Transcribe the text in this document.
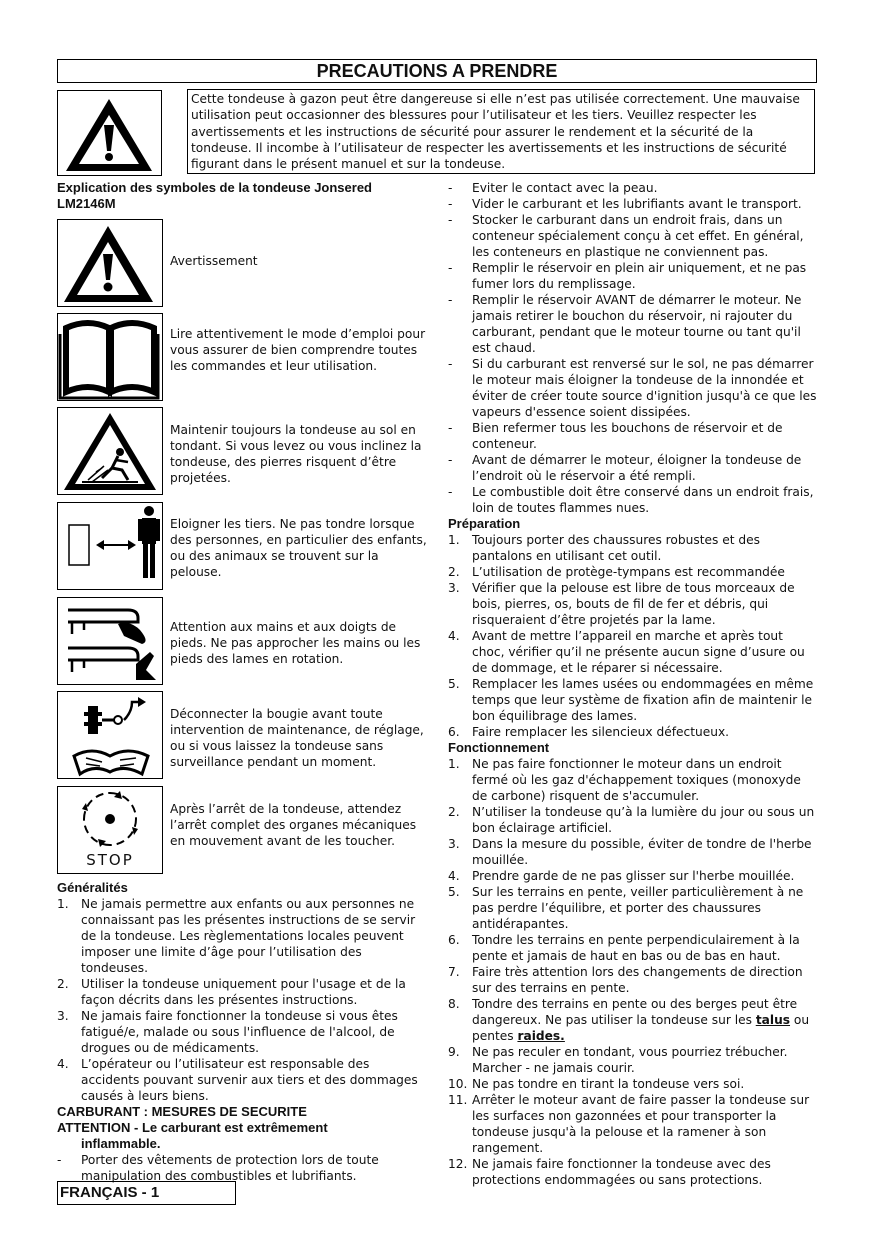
PRECAUTIONS A PRENDRE
Cette tondeuse à gazon peut être dangereuse si elle n’est pas utilisée correctement. Une mauvaise utilisation peut occasionner des blessures pour l’utilisateur et les tiers. Veuillez respecter les avertissements et les instructions de sécurité pour assurer le rendement et la sécurité de la tondeuse. Il incombe à l’utilisateur de respecter les avertissements et les instructions de sécurité figurant dans le présent manuel et sur la tondeuse.
Explication des symboles de la tondeuse Jonsered LM2146M
Avertissement
Lire attentivement le mode d’emploi pour vous assurer de bien comprendre toutes les commandes et leur utilisation.
Maintenir toujours la tondeuse au sol en tondant. Si vous levez ou vous inclinez la tondeuse, des pierres risquent d’être projetées.
Eloigner les tiers. Ne pas tondre lorsque des personnes, en particulier des enfants, ou des animaux se trouvent sur la pelouse.
Attention aux mains et aux doigts de pieds. Ne pas approcher les mains ou les pieds des lames en rotation.
Déconnecter la bougie avant toute intervention de maintenance, de réglage, ou si vous laissez la tondeuse sans surveillance pendant un moment.
STOP
Après l’arrêt de la tondeuse, attendez l’arrêt complet des organes mécaniques en mouvement avant de les toucher.
Généralités
1. Ne jamais permettre aux enfants ou aux personnes ne connaissant pas les présentes instructions de se servir de la tondeuse. Les règlementations locales peuvent imposer une limite d’âge pour l’utilisation des tondeuses.
2. Utiliser la tondeuse uniquement pour l'usage et de la façon décrits dans les présentes instructions.
3. Ne jamais faire fonctionner la tondeuse si vous êtes fatigué/e, malade ou sous l'influence de l'alcool, de drogues ou de médicaments.
4. L’opérateur ou l’utilisateur est responsable des accidents pouvant survenir aux tiers et des dommages causés à leurs biens.
CARBURANT : MESURES DE SECURITE
ATTENTION - Le carburant est extrêmement
inflammable.
- Porter des vêtements de protection lors de toute manipulation des combustibles et lubrifiants.
- Eviter le contact avec la peau.
- Vider le carburant et les lubrifiants avant le transport.
- Stocker le carburant dans un endroit frais, dans un conteneur spécialement conçu à cet effet. En général, les conteneurs en plastique ne conviennent pas.
- Remplir le réservoir en plein air uniquement, et ne pas fumer lors du remplissage.
- Remplir le réservoir AVANT de démarrer le moteur. Ne jamais retirer le bouchon du réservoir, ni rajouter du carburant, pendant que le moteur tourne ou tant qu'il est chaud.
- Si du carburant est renversé sur le sol, ne pas démarrer le moteur mais éloigner la tondeuse de la innondée et éviter de créer toute source d'ignition jusqu'à ce que les vapeurs d'essence soient dissipées.
- Bien refermer tous les bouchons de réservoir et de conteneur.
- Avant de démarrer le moteur, éloigner la tondeuse de l’endroit où le réservoir a été rempli.
- Le combustible doit être conservé dans un endroit frais, loin de toutes flammes nues.
Préparation
1. Toujours porter des chaussures robustes et des pantalons en utilisant cet outil.
2. L’utilisation de protège-tympans est recommandée
3. Vérifier que la pelouse est libre de tous morceaux de bois, pierres, os, bouts de fil de fer et débris, qui risqueraient d’être projetés par la lame.
4. Avant de mettre l’appareil en marche et après tout choc, vérifier qu’il ne présente aucun signe d’usure ou de dommage, et le réparer si nécessaire.
5. Remplacer les lames usées ou endommagées en même temps que leur système de fixation afin de maintenir le bon équilibrage des lames.
6. Faire remplacer les silencieux défectueux.
Fonctionnement
1. Ne pas faire fonctionner le moteur dans un endroit fermé où les gaz d'échappement toxiques (monoxyde de carbone) risquent de s'accumuler.
2. N’utiliser la tondeuse qu’à la lumière du jour ou sous un bon éclairage artificiel.
3. Dans la mesure du possible, éviter de tondre de l'herbe mouillée.
4. Prendre garde de ne pas glisser sur l'herbe mouillée.
5. Sur les terrains en pente, veiller particulièrement à ne pas perdre l’équilibre, et porter des chaussures antidérapantes.
6. Tondre les terrains en pente perpendiculairement à la pente et jamais de haut en bas ou de bas en haut.
7. Faire très attention lors des changements de direction sur des terrains en pente.
8. Tondre des terrains en pente ou des berges peut être dangereux. Ne pas utiliser la tondeuse sur les talus ou pentes raides.
9. Ne pas reculer en tondant, vous pourriez trébucher. Marcher - ne jamais courir.
10. Ne pas tondre en tirant la tondeuse vers soi.
11. Arrêter le moteur avant de faire passer la tondeuse sur les surfaces non gazonnées et pour transporter la tondeuse jusqu'à la pelouse et la ramener à son rangement.
12. Ne jamais faire fonctionner la tondeuse avec des protections endommagées ou sans protections.
FRANÇAIS - 1
